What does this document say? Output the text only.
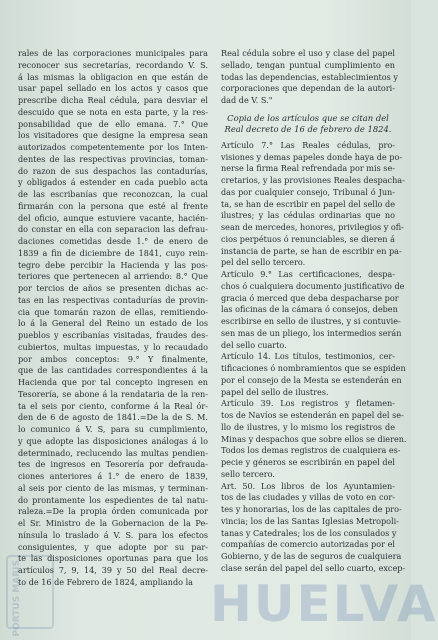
PORTUS MARIS
rales de las corporaciones municipales para
reconocer sus secretarías, recordando V. S.
á las mismas la obligacion en que están de
usar papel sellado en los actos y casos que
prescribe dicha Real cédula, para desviar el
descuido que se nota en esta parte, y la res-
ponsabilidad que de ello emana. 7.° Que
los visitadores que designe la empresa sean
autorizados competentemente por los Inten-
dentes de las respectivas provincias, toman-
do razon de sus despachos las contadurías,
y obligados á estender en cada pueblo acta
de las escribanías que reconozcan, la cual
firmarán con la persona que esté al frente
del oficio, aunque estuviere vacante, hacién-
do constar en ella con separacion las defrau-
daciones cometidas desde 1.° de enero de
1839 a fin de diciembre de 1841, cuyo rein-
tegro debe percibir la Hacienda y las pos-
teriores que pertenecen al arriendo: 8.° Que
por tercios de años se presenten dichas ac-
tas en las respectivas contadurías de provin-
cia que tomarán razon de ellas, remitiendo-
lo á la General del Reino un estado de los
pueblos y escribanías visitadas, fraudes des-
cubiertos, multas impuestas, y lo recaudado
por ambos conceptos: 9.° Y finalmente,
que de las cantidades correspondientes á la
Hacienda que por tal concepto ingresen en
Tesorería, se abone á la rendataria de la ren-
ta el seis por ciento, conforme á la Real ór-
den de 6 de agosto de 1841.=De la de S. M.
lo comunico á V. S, para su cumplimiento,
y que adopte las disposiciones análogas á lo
determinado, reclucendo las multas pendien-
tes de ingresos en Tesorería por defrauda-
ciones anteriores á 1.° de enero de 1839,
al seis por ciento de las mismas, y terminan-
do prontamente los espedientes de tal natu-
raleza.=De la propia órden comunicada por
el Sr. Ministro de la Gobernacion de la Pe-
nínsula lo traslado á V. S. para los efectos
consiguientes, y que adopte por su par-
te las disposiciones oportunas para que los
artículos 7, 9, 14, 39 y 50 del Real decre-
to de 16 de Febrero de 1824, ampliando la
Real cédula sobre el uso y clase del papel
sellado, tengan puntual cumplimiento en
todas las dependencias, establecimientos y
corporaciones que dependan de la autori-
dad de V. S."
Copia de los artículos que se citan del Real decreto de 16 de febrero de 1824.
Artículo 7.° Las Reales cédulas, pro-
visiones y demas papeles donde haya de po-
nerse la firma Real refrendada por mis se-
cretarios, y las provisiones Reales despacha-
das por cualquier consejo, Tribunal ó Jun-
ta, se han de escribir en papel del sello de
ilustres; y las cédulas ordinarias que no
sean de mercedes, honores, privilegios y ofi-
cios perpétuos ó renunciables, se dieren á
instancia de parte, se han de escribir en pa-
pel del sello tercero.
Artículo 9.° Las certificaciones, despa-
chos ó cualquiera documento justificativo de
gracia ó merced que deba despacharse por
las oficinas de la cámara ó consejos, deben
escribirse en sello de ilustres, y si contuvie-
sen mas de un pliego, los intermedios serán
del sello cuarto.
Artículo 14. Los títulos, testimonios, cer-
tificaciones ó nombramientos que se espiden
por el consejo de la Mesta se estenderán en
papel del sello de ilustres.
Artículo 39. Los registros y fletamen-
tos de Navíos se estenderán en papel del se-
llo de ilustres, y lo mismo los registros de
Minas y despachos que sobre ellos se dieren.
Todos los demas registros de cualquiera es-
pecie y géneros se escribirán en papel del
sello tercero.
Art. 50. Los libros de los Ayuntamien-
tos de las ciudades y villas de voto en cor-
tes y honorarias, los de las capitales de pro-
vincia; los de las Santas Iglesias Metropoli-
tanas y Catedrales; los de los consulados y
compañías de comercio autorizadas por el
Gobierno, y de las de seguros de cualquiera
clase serán del papel del sello cuarto, excep-
HUELVA
